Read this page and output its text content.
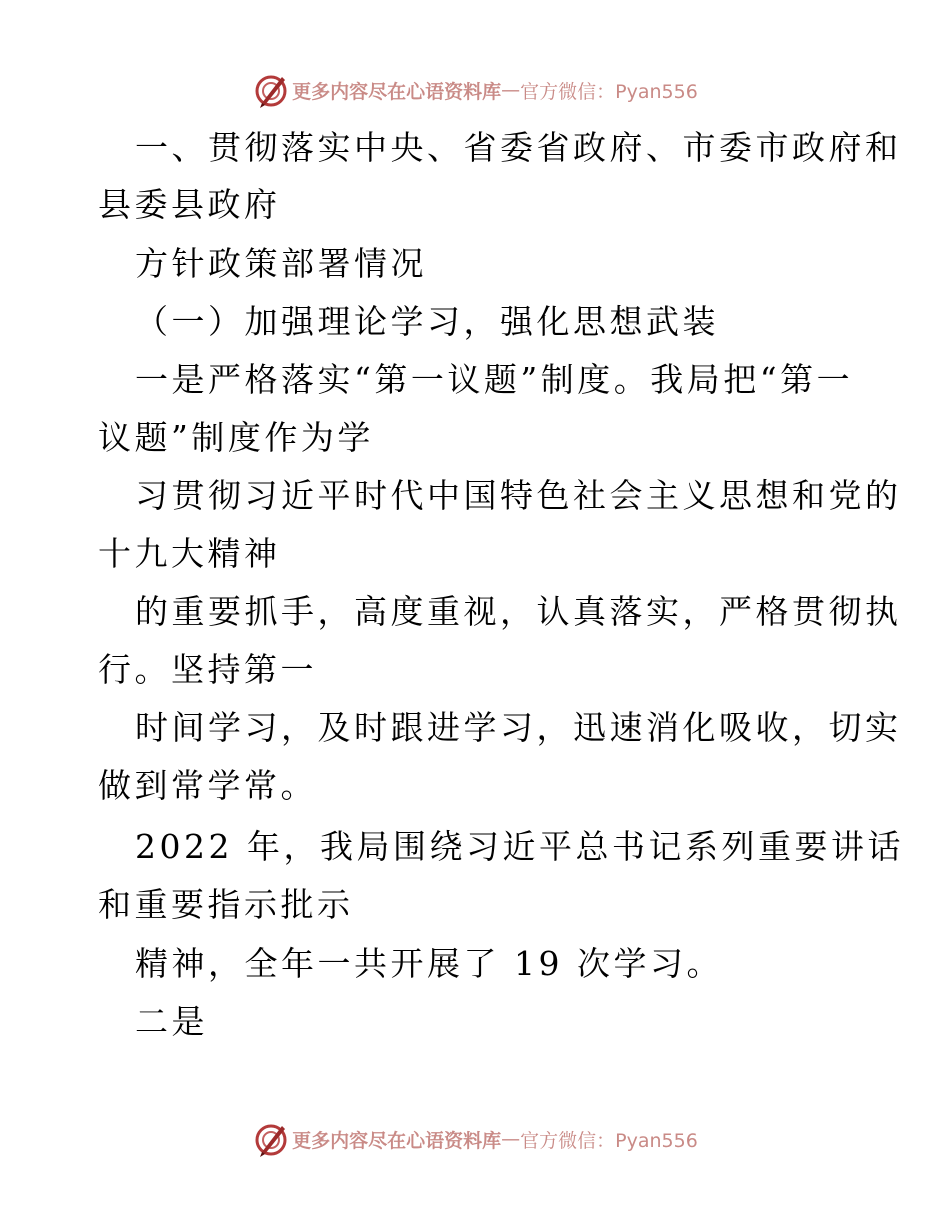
更多内容尽在心语资料库 — 官方微信：Pyan556
一、贯彻落实中央、省委省政府、市委市政府和
县委县政府
方针政策部署情况
（一）加强理论学习，强化思想武装
一是严格落实“第一议题”制度。我局把“第一
议题”制度作为学
习贯彻习近平时代中国特色社会主义思想和党的
十九大精神
的重要抓手，高度重视，认真落实，严格贯彻执
行。坚持第一
时间学习，及时跟进学习，迅速消化吸收，切实
做到常学常。
2022 年，我局围绕习近平总书记系列重要讲话
和重要指示批示
精神，全年一共开展了 19 次学习。
二是
更多内容尽在心语资料库 — 官方微信：Pyan556
